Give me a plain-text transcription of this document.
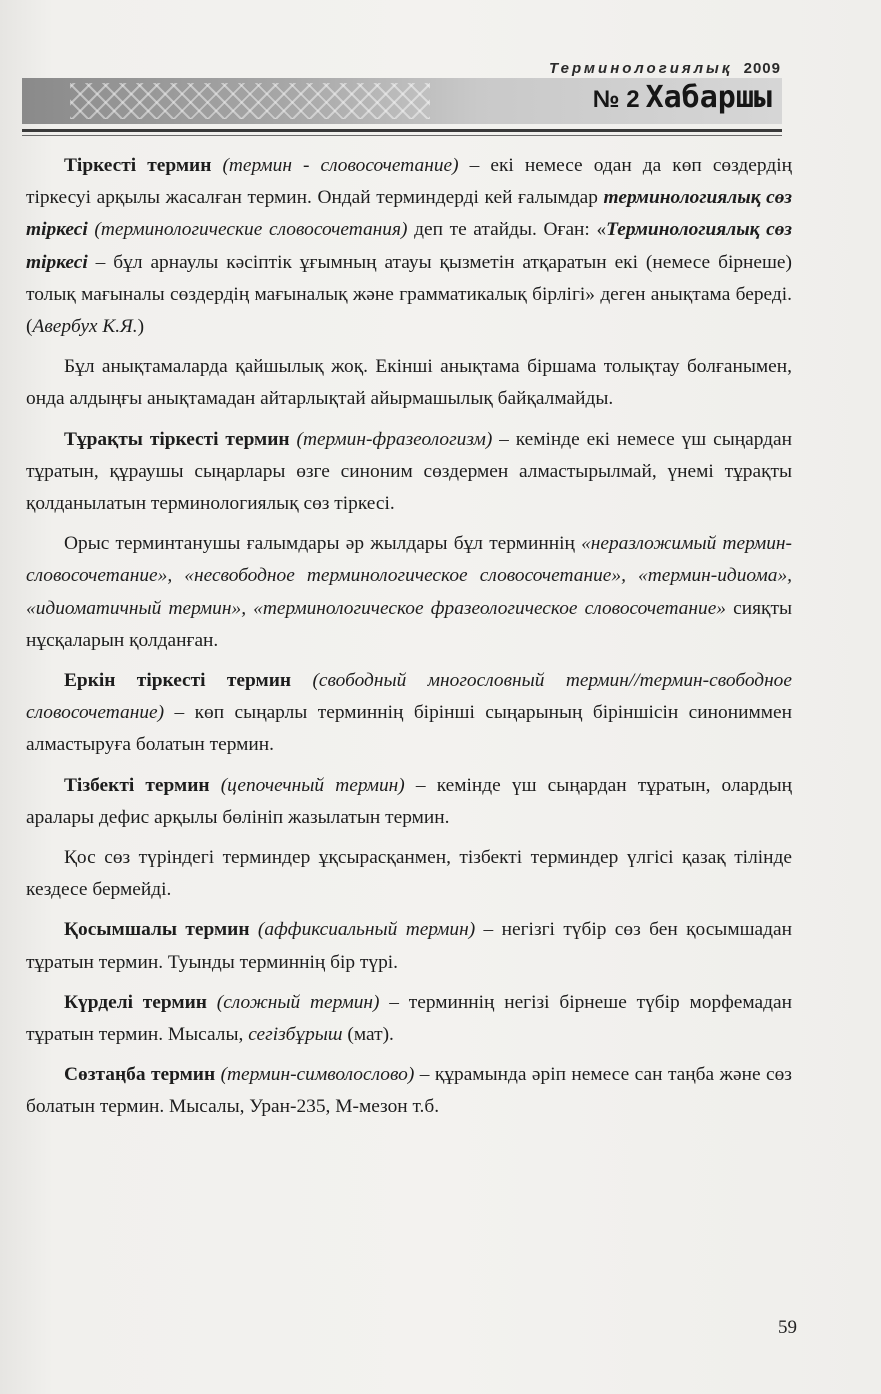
Терминологиялық 2009
№ 2 Хабаршы

Тіркесті термин (термин - словосочетание) – екі немесе одан да көп сөздердің тіркесуі арқылы жасалған термин. Ондай терминдерді кей ғалымдар терминологиялық сөз тіркесі (терминологические словосочетания) деп те атайды. Оған: «Терминологиялық сөз тіркесі – бұл арнаулы кәсіптік ұғымның атауы қызметін атқаратын екі (немесе бірнеше) толық мағыналы сөздердің мағыналық және грамматикалық бірлігі» деген анықтама береді. (Авербух К.Я.)

Бұл анықтамаларда қайшылық жоқ. Екінші анықтама біршама толықтау болғанымен, онда алдыңғы анықтамадан айтарлықтай айырмашылық байқалмайды.

Тұрақты тіркесті термин (термин-фразеологизм) – кемінде екі немесе үш сыңардан тұратын, құраушы сыңарлары өзге синоним сөздермен алмастырылмай, үнемі тұрақты қолданылатын терминологиялық сөз тіркесі.

Орыс терминтанушы ғалымдары әр жылдары бұл терминнің «неразложимый термин-словосочетание», «несвободное терминологическое словосочетание», «термин-идиома», «идиоматичный термин», «терминологическое фразеологическое словосочетание» сияқты нұсқаларын қолданған.

Еркін тіркесті термин (свободный многословный термин//термин-свободное словосочетание) – көп сыңарлы терминнің бірінші сыңарының біріншісін синониммен алмастыруға болатын термин.

Тізбекті термин (цепочечный термин) – кемінде үш сыңардан тұратын, олардың аралары дефис арқылы бөлініп жазылатын термин.

Қос сөз түріндегі терминдер ұқсырасқанмен, тізбекті терминдер үлгісі қазақ тілінде кездесе бермейді.

Қосымшалы термин (аффиксиальный термин) – негізгі түбір сөз бен қосымшадан тұратын термин. Туынды терминнің бір түрі.

Күрделі термин (сложный термин) – терминнің негізі бірнеше түбір морфемадан тұратын термин. Мысалы, сегізбұрыш (мат).

Сөзтаңба термин (термин-символослово) – құрамында әріп немесе сан таңба және сөз болатын термин. Мысалы, Уран-235, М-мезон т.б.

59
